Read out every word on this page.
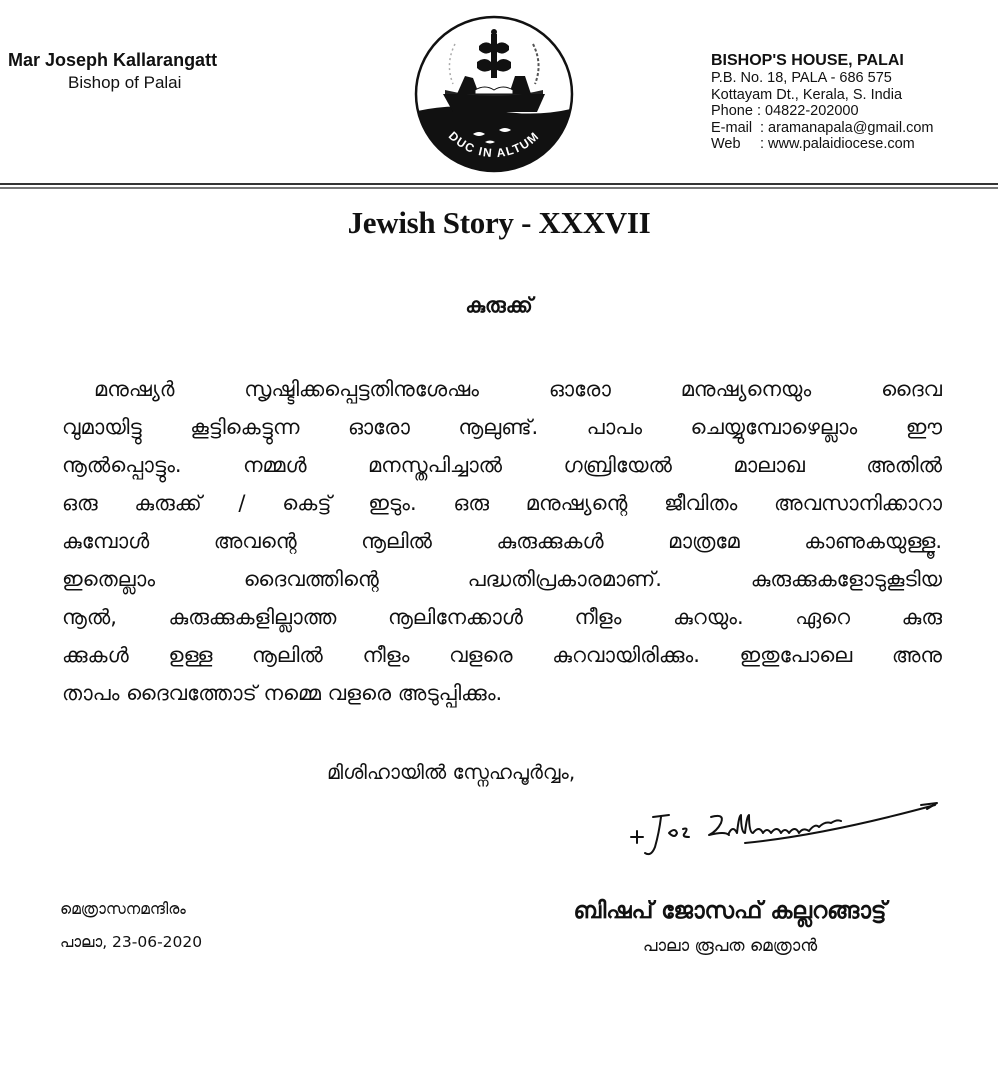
Mar Joseph Kallarangatt
Bishop of Palai
DUC IN ALTUM
BISHOP'S HOUSE, PALAI
P.B. No. 18, PALA - 686 575
Kottayam Dt., Kerala, S. India
Phone : 04822-202000
E-mail : aramanapala@gmail.com
Web : www.palaidiocese.com
Jewish Story - XXXVII
കുരുക്ക്
മനുഷ്യർ സൃഷ്ടിക്കപ്പെട്ടതിനുശേഷം ഓരോ മനുഷ്യനെയും ദൈവ
വുമായിട്ടു കൂട്ടികെട്ടുന്ന ഓരോ നൂലുണ്ട്. പാപം ചെയ്യുമ്പോഴെല്ലാം ഈ
നൂൽപ്പൊട്ടും. നമ്മൾ മനസ്തപിച്ചാൽ ഗബ്രിയേൽ മാലാഖ അതിൽ
ഒരു കുരുക്ക് / കെട്ട് ഇടും. ഒരു മനുഷ്യന്റെ ജീവിതം അവസാനിക്കാറാ
കുമ്പോൾ അവന്റെ നൂലിൽ കുരുക്കുകൾ മാത്രമേ കാണുകയുള്ളൂ.
ഇതെല്ലാം ദൈവത്തിന്റെ പദ്ധതിപ്രകാരമാണ്. കുരുക്കുകളോടുകൂടിയ
നൂൽ, കുരുക്കുകളില്ലാത്ത നൂലിനേക്കാൾ നീളം കുറയും. ഏറെ കുരു
ക്കുകൾ ഉള്ള നൂലിൽ നീളം വളരെ കുറവായിരിക്കും. ഇതുപോലെ അനു
താപം ദൈവത്തോട് നമ്മെ വളരെ അടുപ്പിക്കും.
മിശിഹായിൽ സ്നേഹപൂർവ്വം,
മെത്രാസനമന്ദിരം
പാലാ, 23-06-2020
ബിഷപ് ജോസഫ് കല്ലറങ്ങാട്ട്
പാലാ രൂപത മെത്രാൻ
